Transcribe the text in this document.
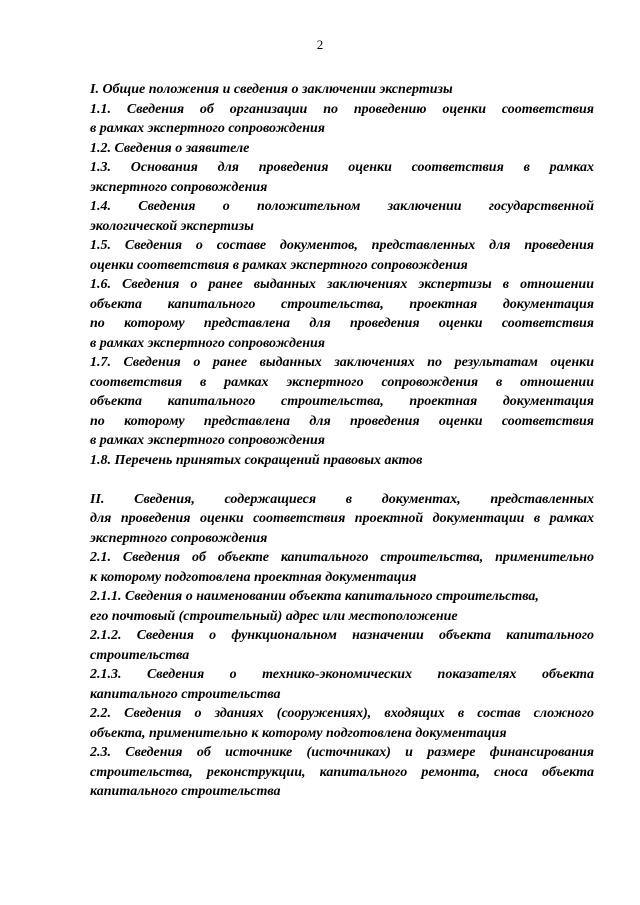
2
I. Общие положения и сведения о заключении экспертизы
1.1. Сведения об организации по проведению оценки соответствия
в рамках экспертного сопровождения
1.2. Сведения о заявителе
1.3. Основания для проведения оценки соответствия в рамках
экспертного сопровождения
1.4. Сведения о положительном заключении государственной
экологической экспертизы
1.5. Сведения о составе документов, представленных для проведения
оценки соответствия в рамках экспертного сопровождения
1.6. Сведения о ранее выданных заключениях экспертизы в отношении
объекта капитального строительства, проектная документация
по которому представлена для проведения оценки соответствия
в рамках экспертного сопровождения
1.7. Сведения о ранее выданных заключениях по результатам оценки
соответствия в рамках экспертного сопровождения в отношении
объекта капитального строительства, проектная документация
по которому представлена для проведения оценки соответствия
в рамках экспертного сопровождения
1.8. Перечень принятых сокращений правовых актов
II. Сведения, содержащиеся в документах, представленных
для проведения оценки соответствия проектной документации в рамках
экспертного сопровождения
2.1. Сведения об объекте капитального строительства, применительно
к которому подготовлена проектная документация
2.1.1. Сведения о наименовании объекта капитального строительства,
его почтовый (строительный) адрес или местоположение
2.1.2. Сведения о функциональном назначении объекта капитального
строительства
2.1.3. Сведения о технико-экономических показателях объекта
капитального строительства
2.2. Сведения о зданиях (сооружениях), входящих в состав сложного
объекта, применительно к которому подготовлена документация
2.3. Сведения об источнике (источниках) и размере финансирования
строительства, реконструкции, капитального ремонта, сноса объекта
капитального строительства
